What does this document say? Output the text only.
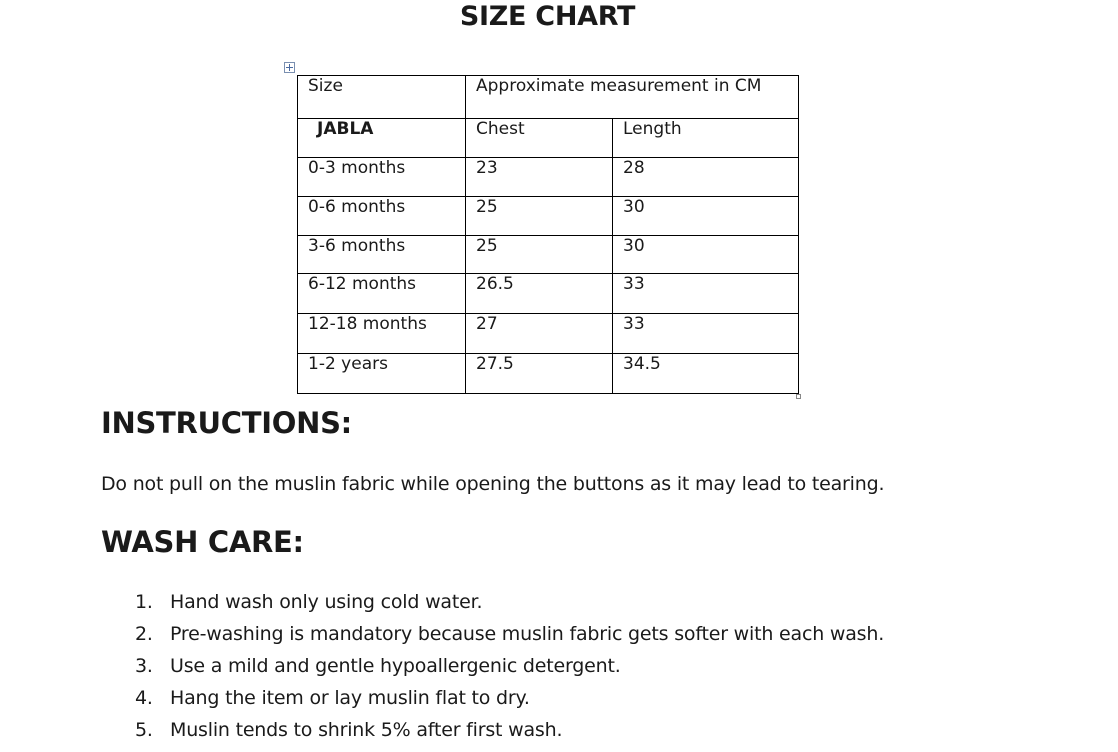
SIZE CHART
Size	Approximate measurement in CM	
JABLA	Chest	Length
0-3 months	23	28
0-6 months	25	30
3-6 months	25	30
6-12 months	26.5	33
12-18 months	27	33
1-2 years	27.5	34.5
INSTRUCTIONS:

Do not pull on the muslin fabric while opening the buttons as it may lead to tearing.

WASH CARE:
1. Hand wash only using cold water.
2. Pre-washing is mandatory because muslin fabric gets softer with each wash.
3. Use a mild and gentle hypoallergenic detergent.
4. Hang the item or lay muslin flat to dry.
5. Muslin tends to shrink 5% after first wash.
